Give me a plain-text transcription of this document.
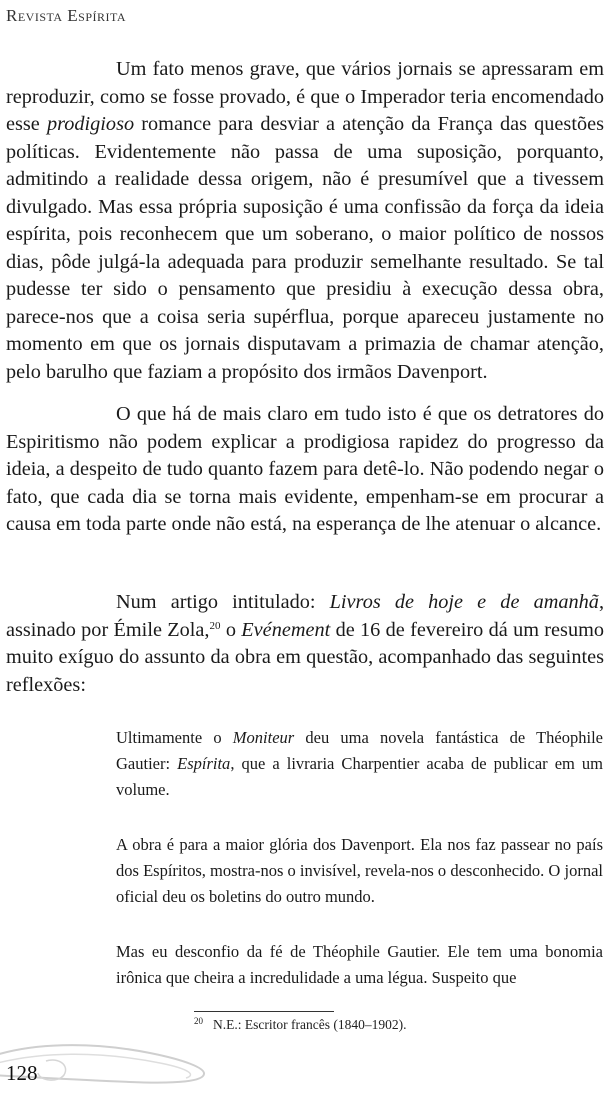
Revista Espírita

Um fato menos grave, que vários jornais se apressaram em reproduzir, como se fosse provado, é que o Imperador teria encomendado esse prodigioso romance para desviar a atenção da França das questões políticas. Evidentemente não passa de uma suposição, porquanto, admitindo a realidade dessa origem, não é presumível que a tivessem divulgado. Mas essa própria suposição é uma confissão da força da ideia espírita, pois reconhecem que um soberano, o maior político de nossos dias, pôde julgá-la adequada para produzir semelhante resultado. Se tal pudesse ter sido o pensamento que presidiu à execução dessa obra, parece-nos que a coisa seria supérflua, porque apareceu justamente no momento em que os jornais disputavam a primazia de chamar atenção, pelo barulho que faziam a propósito dos irmãos Davenport.

O que há de mais claro em tudo isto é que os detratores do Espiritismo não podem explicar a prodigiosa rapidez do progresso da ideia, a despeito de tudo quanto fazem para detê-lo. Não podendo negar o fato, que cada dia se torna mais evidente, empenham-se em procurar a causa em toda parte onde não está, na esperança de lhe atenuar o alcance.

Num artigo intitulado: Livros de hoje e de amanhã, assinado por Émile Zola,$^{20}$ o Evénement de 16 de fevereiro dá um resumo muito exíguo do assunto da obra em questão, acompanhado das seguintes reflexões:

Ultimamente o Moniteur deu uma novela fantástica de Théophile Gautier: Espírita, que a livraria Charpentier acaba de publicar em um volume.

A obra é para a maior glória dos Davenport. Ela nos faz passear no país dos Espíritos, mostra-nos o invisível, revela-nos o desconhecido. O jornal oficial deu os boletins do outro mundo.

Mas eu desconfio da fé de Théophile Gautier. Ele tem uma bonomia irônica que cheira a incredulidade a uma légua. Suspeito que

$^{20}$ N.E.: Escritor francês (1840–1902).
128
